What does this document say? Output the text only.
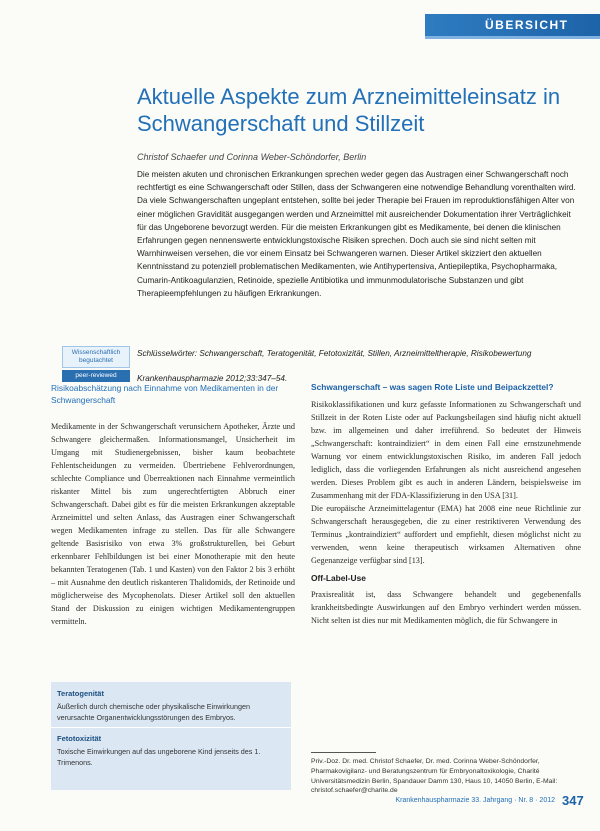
ÜBERSICHT
Aktuelle Aspekte zum Arzneimitteleinsatz in Schwangerschaft und Stillzeit
Christof Schaefer und Corinna Weber-Schöndorfer, Berlin
Die meisten akuten und chronischen Erkrankungen sprechen weder gegen das Austragen einer Schwangerschaft noch rechtfertigt es eine Schwangerschaft oder Stillen, dass der Schwangeren eine notwendige Behandlung vorenthalten wird. Da viele Schwangerschaften ungeplant entstehen, sollte bei jeder Therapie bei Frauen im reproduktionsfähigen Alter von einer möglichen Gravidität ausgegangen werden und Arzneimittel mit ausreichender Dokumentation ihrer Verträglichkeit für das Ungeborene bevorzugt werden. Für die meisten Erkrankungen gibt es Medikamente, bei denen die klinischen Erfahrungen gegen nennenswerte entwicklungstoxische Risiken sprechen. Doch auch sie sind nicht selten mit Warnhinweisen versehen, die vor einem Einsatz bei Schwangeren warnen. Dieser Artikel skizziert den aktuellen Kenntnisstand zu potenziell problematischen Medikamenten, wie Antihypertensiva, Antiepileptika, Psychopharmaka, Cumarin-Antikoagulanzien, Retinoide, spezielle Antibiotika und immunmodulatorische Substanzen und gibt Therapieempfehlungen zu häufigen Erkrankungen.
Wissenschaftlich begutachtet
peer-reviewed
Schlüsselwörter: Schwangerschaft, Teratogenität, Fetotoxizität, Stillen, Arzneimitteltherapie, Risikobewertung
Krankenhauspharmazie 2012;33:347–54.

Risikoabschätzung nach Einnahme von Medikamenten in der Schwangerschaft

Medikamente in der Schwangerschaft verunsichern Apotheker, Ärzte und Schwangere gleichermaßen. Informationsmangel, Unsicherheit im Umgang mit Studienergebnissen, bisher kaum beobachtete Fehlentscheidungen zu vermeiden. Übertriebene Fehlverordnungen, schlechte Compliance und Überreaktionen nach Einnahme vermeintlich riskanter Mittel bis zum ungerechtfertigten Abbruch einer Schwangerschaft. Dabei gibt es für die meisten Erkrankungen akzeptable Arzneimittel und selten Anlass, das Austragen einer Schwangerschaft wegen Medikamenten infrage zu stellen. Das für alle Schwangere geltende Basisrisiko von etwa 3% großstrukturellen, bei Geburt erkennbarer Fehlbildungen ist bei einer Monotherapie mit den heute bekannten Teratogenen (Tab. 1 und Kasten) von den Faktor 2 bis 3 erhöht – mit Ausnahme den deutlich riskanteren Thalidomids, der Retinoide und möglicherweise des Mycophenolats. Dieser Artikel soll den aktuellen Stand der Diskussion zu einigen wichtigen Medikamentengruppen vermitteln.

Teratogenität

Äußerlich durch chemische oder physikalische Einwirkungen verursachte Organentwicklungsstörungen des Embryos.

Fetotoxizität

Toxische Einwirkungen auf das ungeborene Kind jenseits des 1. Trimenons.

Schwangerschaft – was sagen Rote Liste und Beipackzettel?

Risikoklassifikationen und kurz gefasste Informationen zu Schwangerschaft und Stillzeit in der Roten Liste oder auf Packungsbeilagen sind häufig nicht aktuell bzw. im allgemeinen und daher irreführend. So bedeutet der Hinweis „Schwangerschaft: kontraindiziert“ in dem einen Fall eine ernstzunehmende Warnung vor einem entwicklungstoxischen Risiko, im anderen Fall jedoch lediglich, dass die vorliegenden Erfahrungen als nicht ausreichend angesehen werden. Dieses Problem gibt es auch in anderen Ländern, beispielsweise im Zusammenhang mit der FDA-Klassifizierung in den USA [31].

Die europäische Arzneimittelagentur (EMA) hat 2008 eine neue Richtlinie zur Schwangerschaft herausgegeben, die zu einer restriktiveren Verwendung des Terminus „kontraindiziert“ auffordert und empfiehlt, diesen möglichst nicht zu verwenden, wenn keine therapeutisch wirksamen Alternativen ohne Gegenanzeige verfügbar sind [13].

Off-Label-Use

Praxisrealität ist, dass Schwangere behandelt und gegebenenfalls krankheitsbedingte Auswirkungen auf den Embryo verhindert werden müssen. Nicht selten ist dies nur mit Medikamenten möglich, die für Schwangere in

Priv.-Doz. Dr. med. Christof Schaefer, Dr. med. Corinna Weber-Schöndorfer, Pharmakovigilanz- und Beratungszentrum für Embryonaltoxikologie, Charité Universitätsmedizin Berlin, Spandauer Damm 130, Haus 10, 14050 Berlin, E-Mail: christof.schaefer@charite.de
Krankenhauspharmazie 33. Jahrgang · Nr. 8 · 2012 347
